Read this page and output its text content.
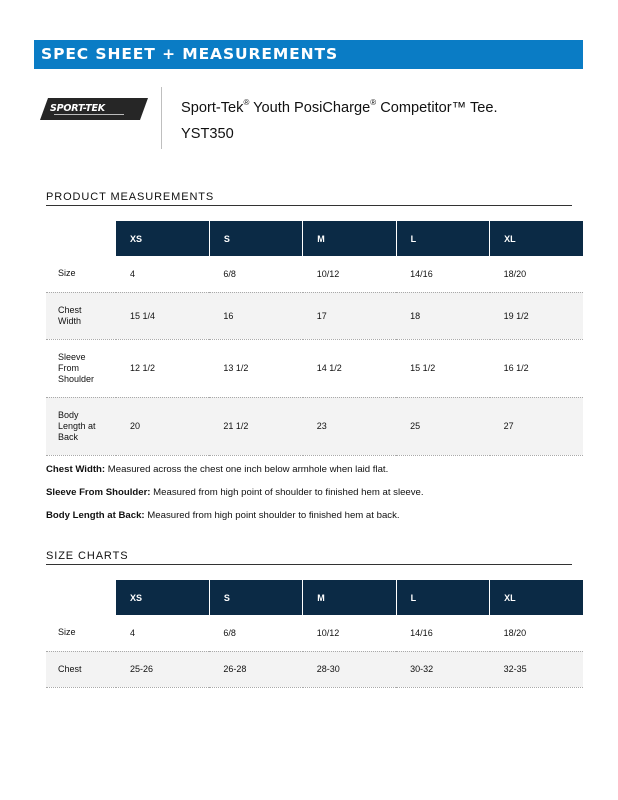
SPEC SHEET + MEASUREMENTS
SPORT-TEK	Sport-Tek® Youth PosiCharge® Competitor™ Tee.
YST350
PRODUCT MEASUREMENTS
	XS	S	M	L	XL
Size	4	6/8	10/12	14/16	18/20
Chest
Width	15 1/4	16	17	18	19 1/2
Sleeve
From
Shoulder	12 1/2	13 1/2	14 1/2	15 1/2	16 1/2
Body
Length at
Back	20	21 1/2	23	25	27
Chest Width: Measured across the chest one inch below armhole when laid flat.
Sleeve From Shoulder: Measured from high point of shoulder to finished hem at sleeve.
Body Length at Back: Measured from high point shoulder to finished hem at back.
SIZE CHARTS
	XS	S	M	L	XL
Size	4	6/8	10/12	14/16	18/20
Chest	25-26	26-28	28-30	30-32	32-35
